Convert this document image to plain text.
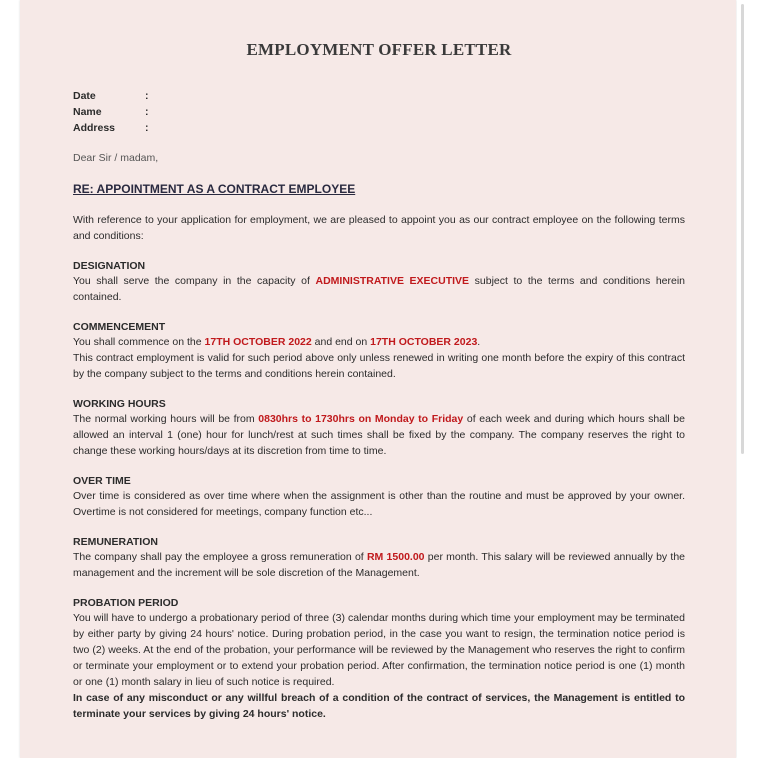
EMPLOYMENT OFFER LETTER
Date	:
Name	:
Address	:
Dear Sir / madam,
RE: APPOINTMENT AS A CONTRACT EMPLOYEE

With reference to your application for employment, we are pleased to appoint you as our contract employee on the following terms and conditions:

DESIGNATION

You shall serve the company in the capacity of ADMINISTRATIVE EXECUTIVE subject to the terms and conditions herein contained.

COMMENCEMENT

You shall commence on the 17TH OCTOBER 2022 and end on 17TH OCTOBER 2023.

This contract employment is valid for such period above only unless renewed in writing one month before the expiry of this contract by the company subject to the terms and conditions herein contained.

WORKING HOURS

The normal working hours will be from 0830hrs to 1730hrs on Monday to Friday of each week and during which hours shall be allowed an interval 1 (one) hour for lunch/rest at such times shall be fixed by the company. The company reserves the right to change these working hours/days at its discretion from time to time.

OVER TIME

Over time is considered as over time where when the assignment is other than the routine and must be approved by your owner. Overtime is not considered for meetings, company function etc...

REMUNERATION

The company shall pay the employee a gross remuneration of RM 1500.00 per month. This salary will be reviewed annually by the management and the increment will be sole discretion of the Management.

PROBATION PERIOD

You will have to undergo a probationary period of three (3) calendar months during which time your employment may be terminated by either party by giving 24 hours' notice. During probation period, in the case you want to resign, the termination notice period is two (2) weeks. At the end of the probation, your performance will be reviewed by the Management who reserves the right to confirm or terminate your employment or to extend your probation period. After confirmation, the termination notice period is one (1) month or one (1) month salary in lieu of such notice is required.

In case of any misconduct or any willful breach of a condition of the contract of services, the Management is entitled to terminate your services by giving 24 hours' notice.
